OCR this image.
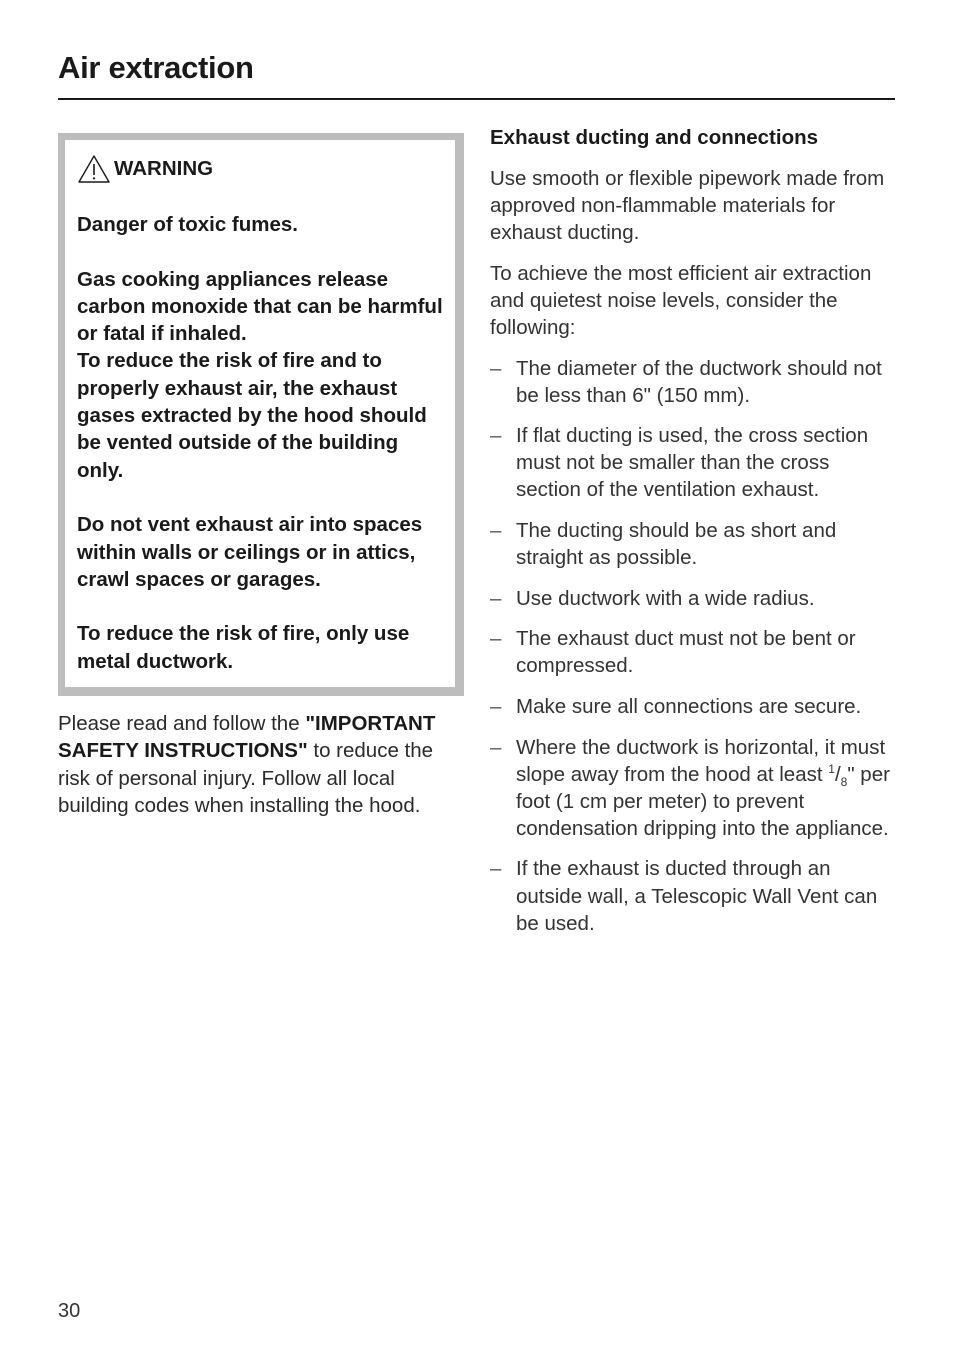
Air extraction
WARNING

Danger of toxic fumes.

Gas cooking appliances release carbon monoxide that can be harmful or fatal if inhaled.

To reduce the risk of fire and to properly exhaust air, the exhaust gases extracted by the hood should be vented outside of the building only.

Do not vent exhaust air into spaces within walls or ceilings or in attics, crawl spaces or garages.

To reduce the risk of fire, only use metal ductwork.

Please read and follow the "IMPORTANT SAFETY INSTRUCTIONS" to reduce the risk of personal injury. Follow all local building codes when installing the hood.
Exhaust ducting and connections

Use smooth or flexible pipework made from approved non-flammable materials for exhaust ducting.

To achieve the most efficient air extraction and quietest noise levels, consider the following:

– The diameter of the ductwork should not be less than 6" (150 mm).
– If flat ducting is used, the cross section must not be smaller than the cross section of the ventilation exhaust.
– The ducting should be as short and straight as possible.
– Use ductwork with a wide radius.
– The exhaust duct must not be bent or compressed.
– Make sure all connections are secure.
– Where the ductwork is horizontal, it must slope away from the hood at least $^1/_8$" per foot (1 cm per meter) to prevent condensation dripping into the appliance.
– If the exhaust is ducted through an outside wall, a Telescopic Wall Vent can be used.
30
